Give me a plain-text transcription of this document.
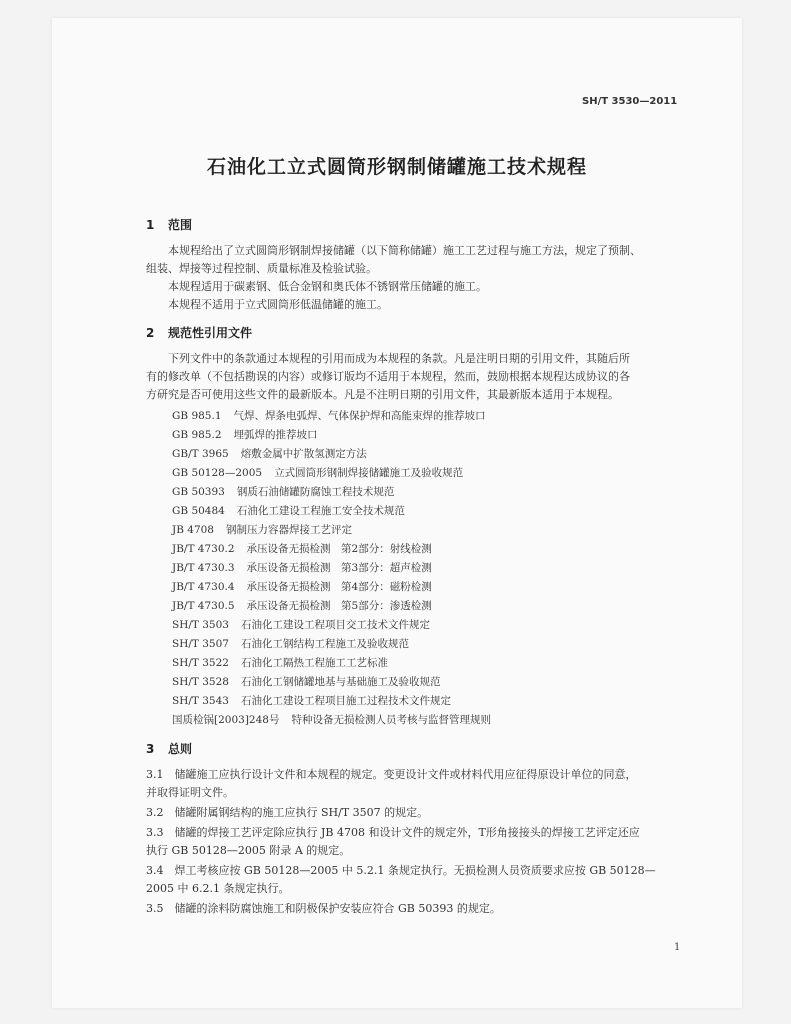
SH/T 3530—2011
石油化工立式圆筒形钢制储罐施工技术规程
1 范围
本规程给出了立式圆筒形钢制焊接储罐（以下简称储罐）施工工艺过程与施工方法，规定了预制、
组装、焊接等过程控制、质量标准及检验试验。
本规程适用于碳素钢、低合金钢和奥氏体不锈钢常压储罐的施工。
本规程不适用于立式圆筒形低温储罐的施工。
2 规范性引用文件
下列文件中的条款通过本规程的引用而成为本规程的条款。凡是注明日期的引用文件，其随后所
有的修改单（不包括勘误的内容）或修订版均不适用于本规程，然而，鼓励根据本规程达成协议的各
方研究是否可使用这些文件的最新版本。凡是不注明日期的引用文件，其最新版本适用于本规程。
GB 985.1 气焊、焊条电弧焊、气体保护焊和高能束焊的推荐坡口
GB 985.2 埋弧焊的推荐坡口
GB/T 3965 熔敷金属中扩散氢测定方法
GB 50128—2005 立式圆筒形钢制焊接储罐施工及验收规范
GB 50393 钢质石油储罐防腐蚀工程技术规范
GB 50484 石油化工建设工程施工安全技术规范
JB 4708 钢制压力容器焊接工艺评定
JB/T 4730.2 承压设备无损检测　第2部分：射线检测
JB/T 4730.3 承压设备无损检测　第3部分：超声检测
JB/T 4730.4 承压设备无损检测　第4部分：磁粉检测
JB/T 4730.5 承压设备无损检测　第5部分：渗透检测
SH/T 3503 石油化工建设工程项目交工技术文件规定
SH/T 3507 石油化工钢结构工程施工及验收规范
SH/T 3522 石油化工隔热工程施工工艺标准
SH/T 3528 石油化工钢储罐地基与基础施工及验收规范
SH/T 3543 石油化工建设工程项目施工过程技术文件规定
国质检锅[2003]248号 特种设备无损检测人员考核与监督管理规则
3 总则
3.1　储罐施工应执行设计文件和本规程的规定。变更设计文件或材料代用应征得原设计单位的同意，
并取得证明文件。
3.2　储罐附属钢结构的施工应执行 SH/T 3507 的规定。
3.3　储罐的焊接工艺评定除应执行 JB 4708 和设计文件的规定外，T形角接接头的焊接工艺评定还应
执行 GB 50128—2005 附录 A 的规定。
3.4　焊工考核应按 GB 50128—2005 中 5.2.1 条规定执行。无损检测人员资质要求应按 GB 50128—
2005 中 6.2.1 条规定执行。
3.5　储罐的涂料防腐蚀施工和阴极保护安装应符合 GB 50393 的规定。
1
